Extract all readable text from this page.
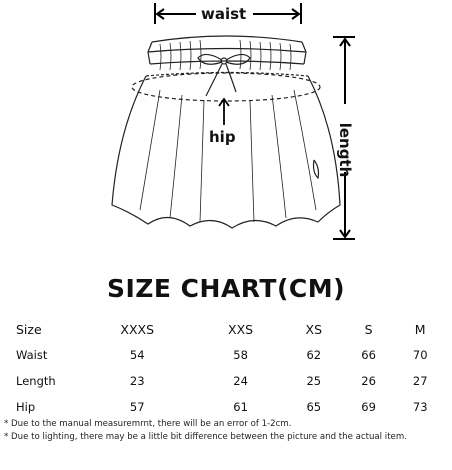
waist
hip	length
SIZE CHART(CM)
Size	XXXS	XXS	XS	S	M
Waist	54	58	62	66	70
Length	23	24	25	26	27
Hip	57	61	65	69	73
* Due to the manual measuremrnt, there will be an error of 1-2cm.
* Due to lighting, there may be a little bit difference between the picture and the actual item.
